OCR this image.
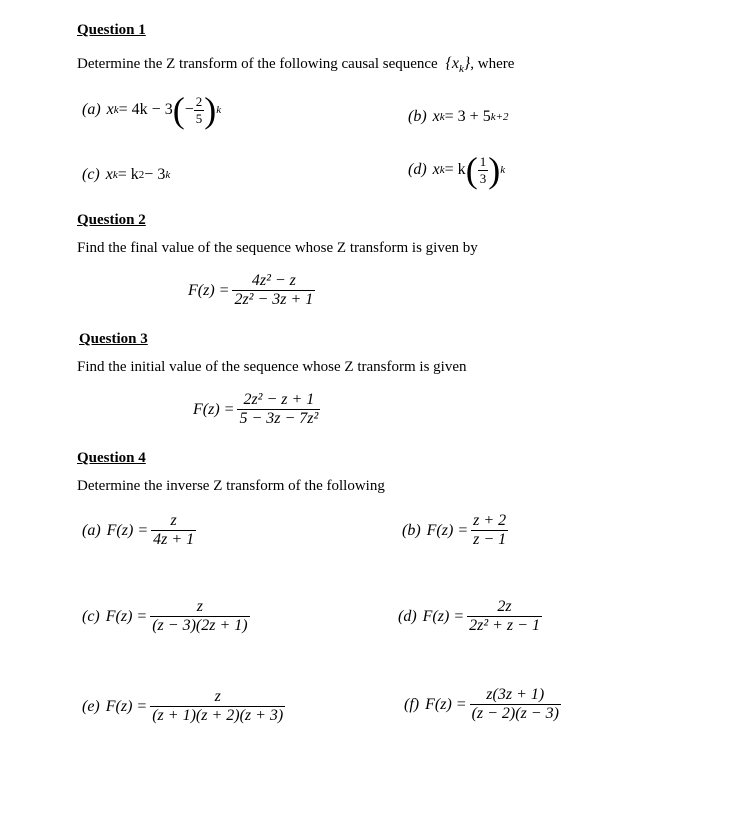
Question 1
Determine the Z transform of the following causal sequence $\{x_k\}$, where
(a) x k = 4k − 3 ( − $\frac{2}{5}$ ) k	(b) x k = 3 + 5 k+2
(c) x k = k 2 − 3 k	(d) x k = k ( $\frac{1}{3}$ ) k
Question 2
Find the final value of the sequence whose Z transform is given by
$F(z) = \frac{\text{4z² − z}}{\text{2z² − 3z + 1}}$
Question 3
Find the initial value of the sequence whose Z transform is given
$F(z) = \frac{\text{2z² − z + 1}}{\text{5 − 3z − 7z²}}$
Question 4
Determine the inverse Z transform of the following
(a) $F(z) = \frac{z}{4z + 1}$	(b) $F(z) = \frac{z + 2}{z - 1}$
(c) $F(z) = \frac{z}{(z - 3)(2z + 1)}$	(d) $F(z) = \frac{2z}{\text{2z² + z − 1}}$
(e) $F(z) = \frac{z}{(z + 1)(z + 2)(z + 3)}$	(f) $F(z) = \frac{z(3z + 1)}{(z - 2)(z - 3)}$
